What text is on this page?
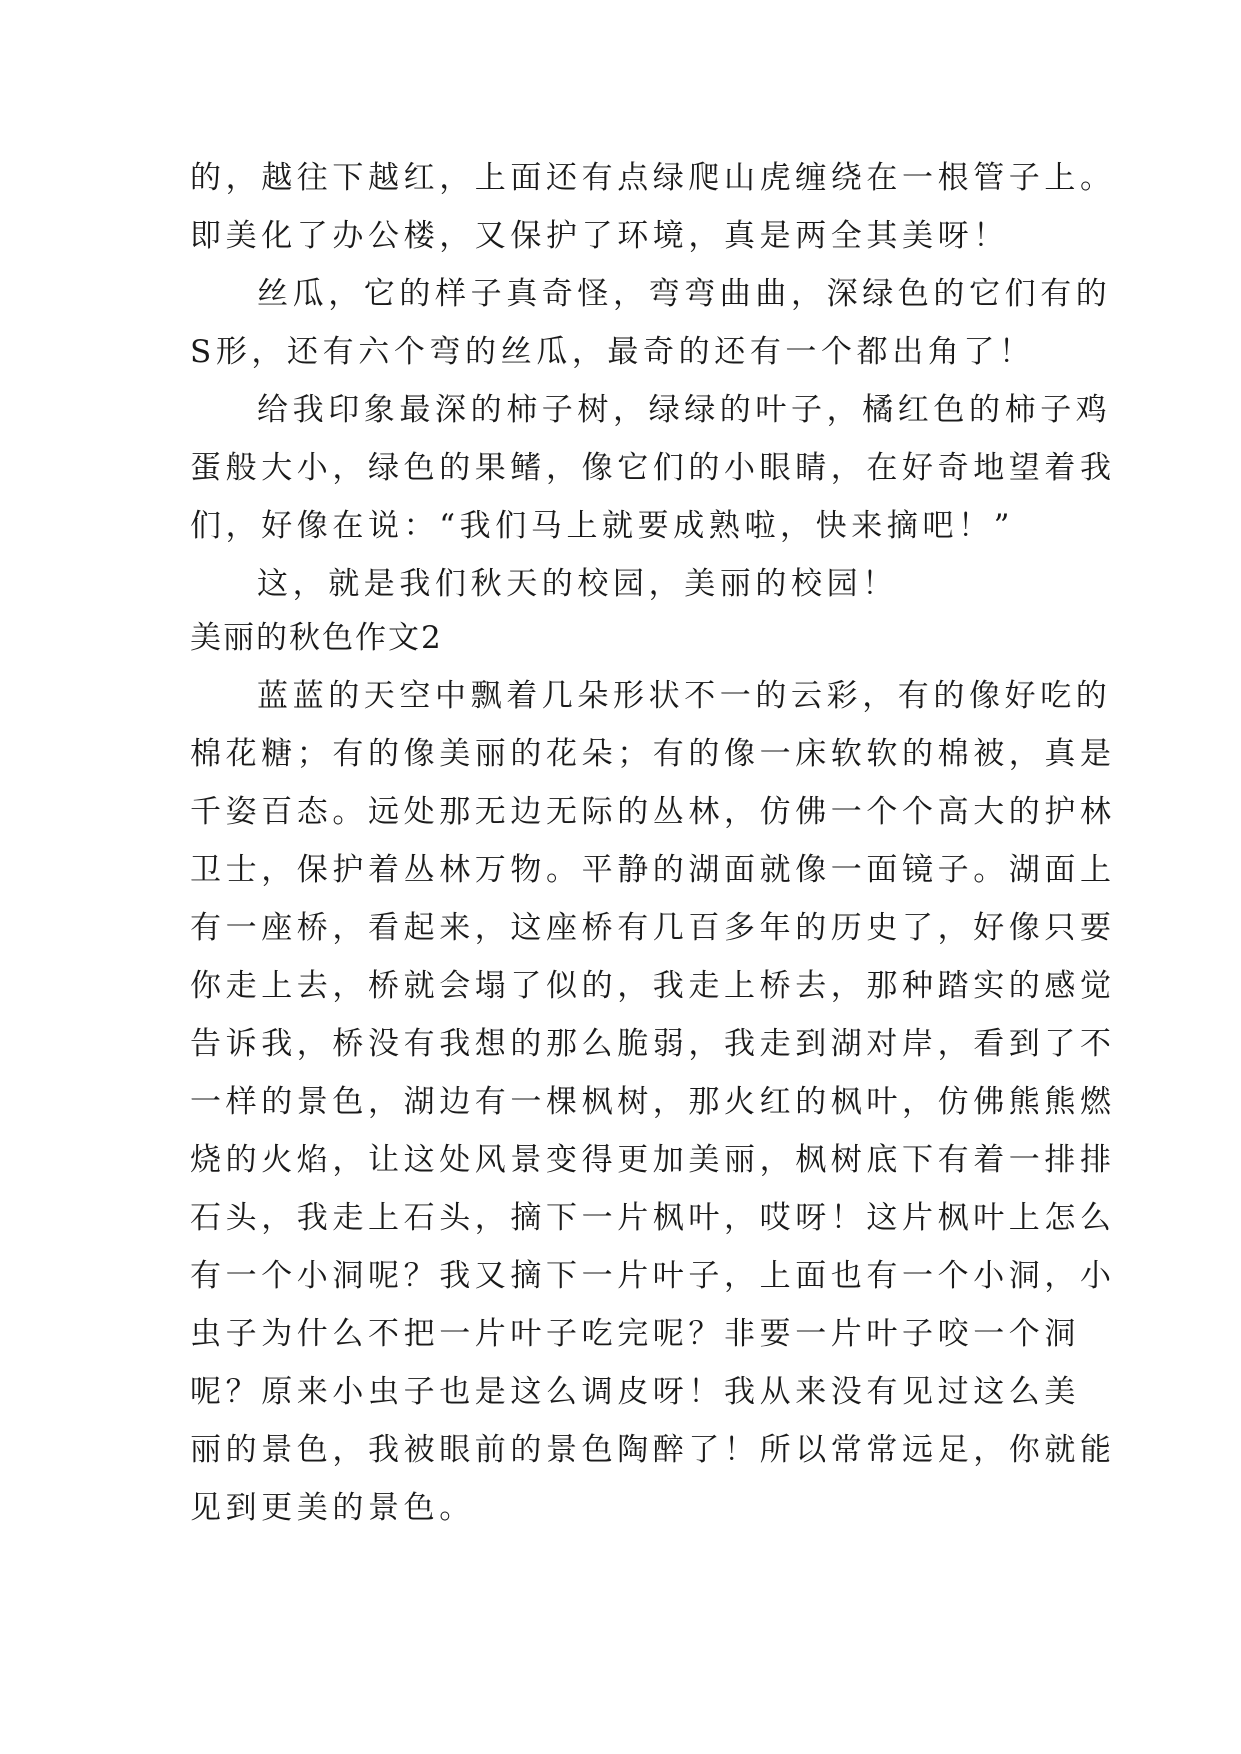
的，越往下越红，上面还有点绿爬山虎缠绕在一根管子上。
即美化了办公楼，又保护了环境，真是两全其美呀！
丝瓜，它的样子真奇怪，弯弯曲曲，深绿色的它们有的
S形，还有六个弯的丝瓜，最奇的还有一个都出角了！
给我印象最深的柿子树，绿绿的叶子，橘红色的柿子鸡
蛋般大小，绿色的果鳍，像它们的小眼睛，在好奇地望着我
们，好像在说：“我们马上就要成熟啦，快来摘吧！”
这，就是我们秋天的校园，美丽的校园！
美丽的秋色作文2
蓝蓝的天空中飘着几朵形状不一的云彩，有的像好吃的
棉花糖；有的像美丽的花朵；有的像一床软软的棉被，真是
千姿百态。远处那无边无际的丛林，仿佛一个个高大的护林
卫士，保护着丛林万物。平静的湖面就像一面镜子。湖面上
有一座桥，看起来，这座桥有几百多年的历史了，好像只要
你走上去，桥就会塌了似的，我走上桥去，那种踏实的感觉
告诉我，桥没有我想的那么脆弱，我走到湖对岸，看到了不
一样的景色，湖边有一棵枫树，那火红的枫叶，仿佛熊熊燃
烧的火焰，让这处风景变得更加美丽，枫树底下有着一排排
石头，我走上石头，摘下一片枫叶，哎呀！这片枫叶上怎么
有一个小洞呢？我又摘下一片叶子，上面也有一个小洞，小
虫子为什么不把一片叶子吃完呢？非要一片叶子咬一个洞
呢？原来小虫子也是这么调皮呀！我从来没有见过这么美
丽的景色，我被眼前的景色陶醉了！所以常常远足，你就能
见到更美的景色。
